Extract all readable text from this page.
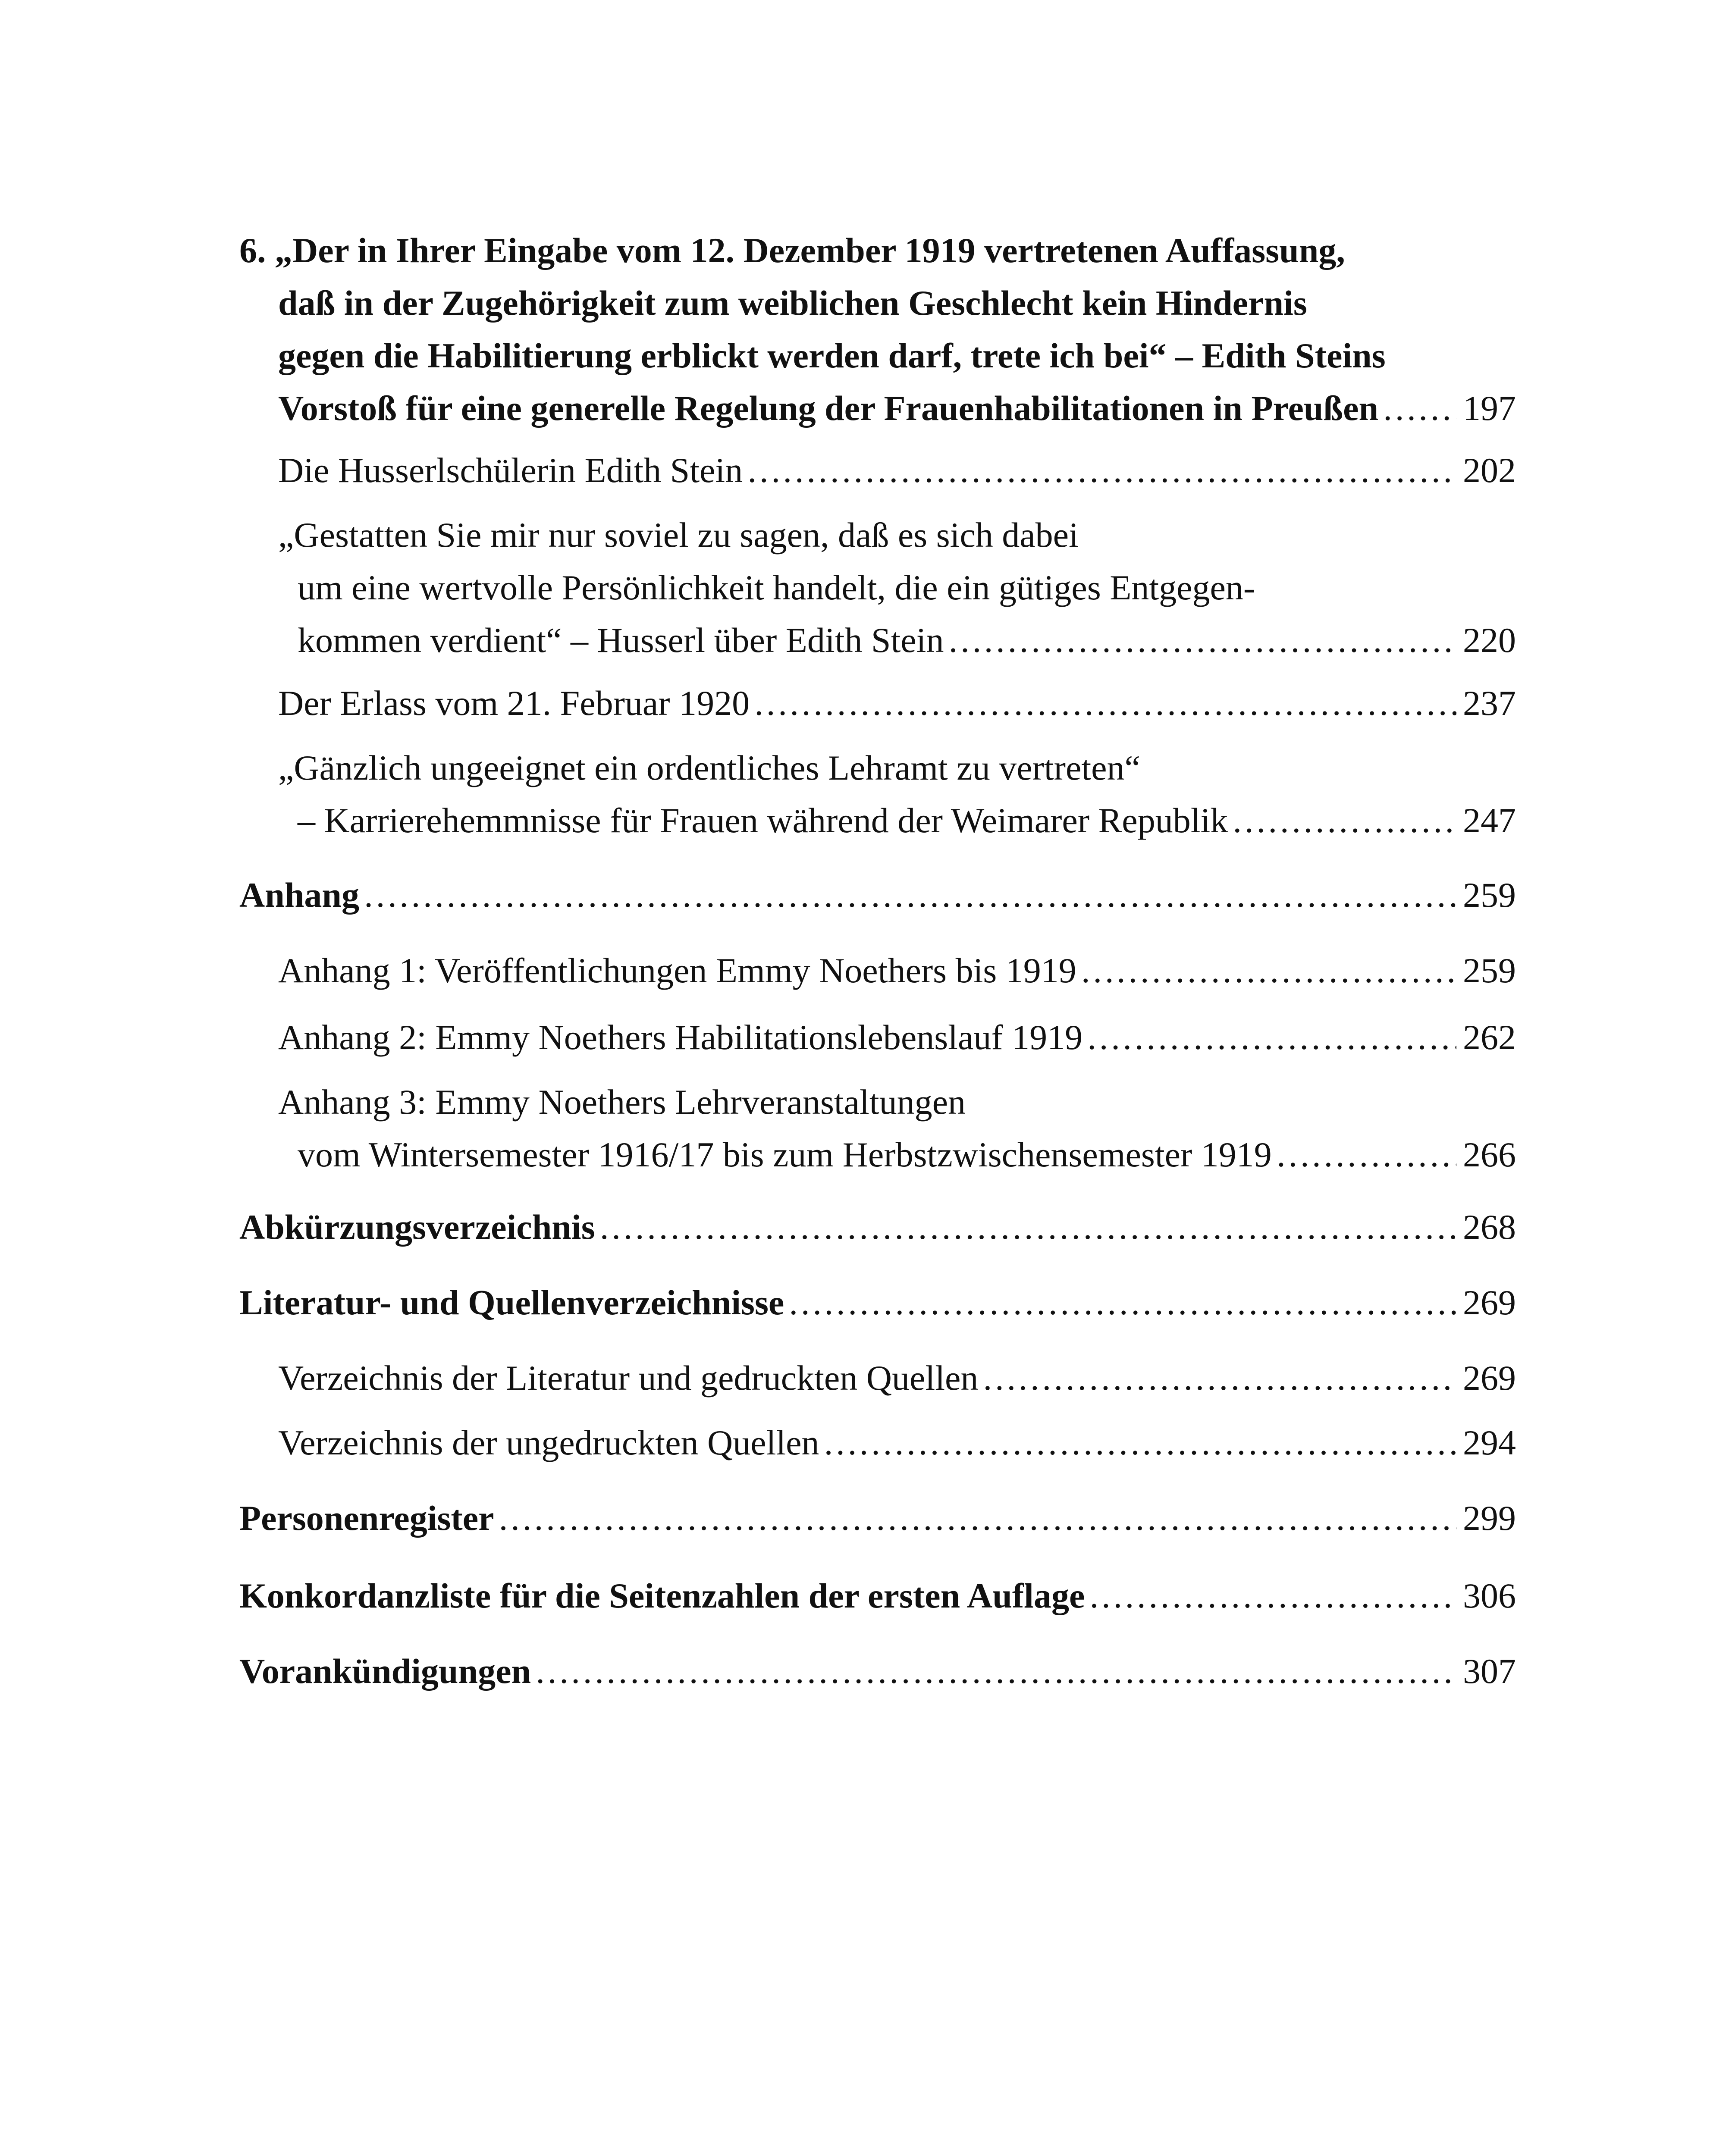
6. „Der in Ihrer Eingabe vom 12. Dezember 1919 vertretenen Auffassung,
daß in der Zugehörigkeit zum weiblichen Geschlecht kein Hindernis
gegen die Habilitierung erblickt werden darf, trete ich bei“ – Edith Steins
Vorstoß für eine generelle Regelung der Frauenhabilitationen in Preußen …………………………………………………………………………………………………………………………………………………………………………………………………………… 197
Die Husserlschülerin Edith Stein ……………………………………………………………………………………………………………………………………………………………………………………………………………	202
„Gestatten Sie mir nur soviel zu sagen, daß es sich dabei
um eine wertvolle Persönlichkeit handelt, die ein gütiges Entgegen-
kommen verdient“ – Husserl über Edith Stein ……………………………………………………………………………………………………………………………………………………………………………………………………………	220
Der Erlass vom 21. Februar 1920 ……………………………………………………………………………………………………………………………………………………………………………………………………………	237
„Gänzlich ungeeignet ein ordentliches Lehramt zu vertreten“
– Karrierehemmnisse für Frauen während der Weimarer Republik ……………………………………………………………………………………………………………………………………………………………………………………………………………	247
Anhang ……………………………………………………………………………………………………………………………………………………………………………………………………………	259
Anhang 1: Veröffentlichungen Emmy Noethers bis 1919 ……………………………………………………………………………………………………………………………………………………………………………………………………………	259
Anhang 2: Emmy Noethers Habilitationslebenslauf 1919 ……………………………………………………………………………………………………………………………………………………………………………………………………………	262
Anhang 3: Emmy Noethers Lehrveranstaltungen
vom Wintersemester 1916/17 bis zum Herbstzwischensemester 1919 ……………………………………………………………………………………………………………………………………………………………………………………………………………	266
Abkürzungsverzeichnis ……………………………………………………………………………………………………………………………………………………………………………………………………………	268
Literatur- und Quellenverzeichnisse ……………………………………………………………………………………………………………………………………………………………………………………………………………	269
Verzeichnis der Literatur und gedruckten Quellen ……………………………………………………………………………………………………………………………………………………………………………………………………………	269
Verzeichnis der ungedruckten Quellen ……………………………………………………………………………………………………………………………………………………………………………………………………………	294
Personenregister ……………………………………………………………………………………………………………………………………………………………………………………………………………	299
Konkordanzliste für die Seitenzahlen der ersten Auflage ……………………………………………………………………………………………………………………………………………………………………………………………………………	306
Vorankündigungen ……………………………………………………………………………………………………………………………………………………………………………………………………………	307
